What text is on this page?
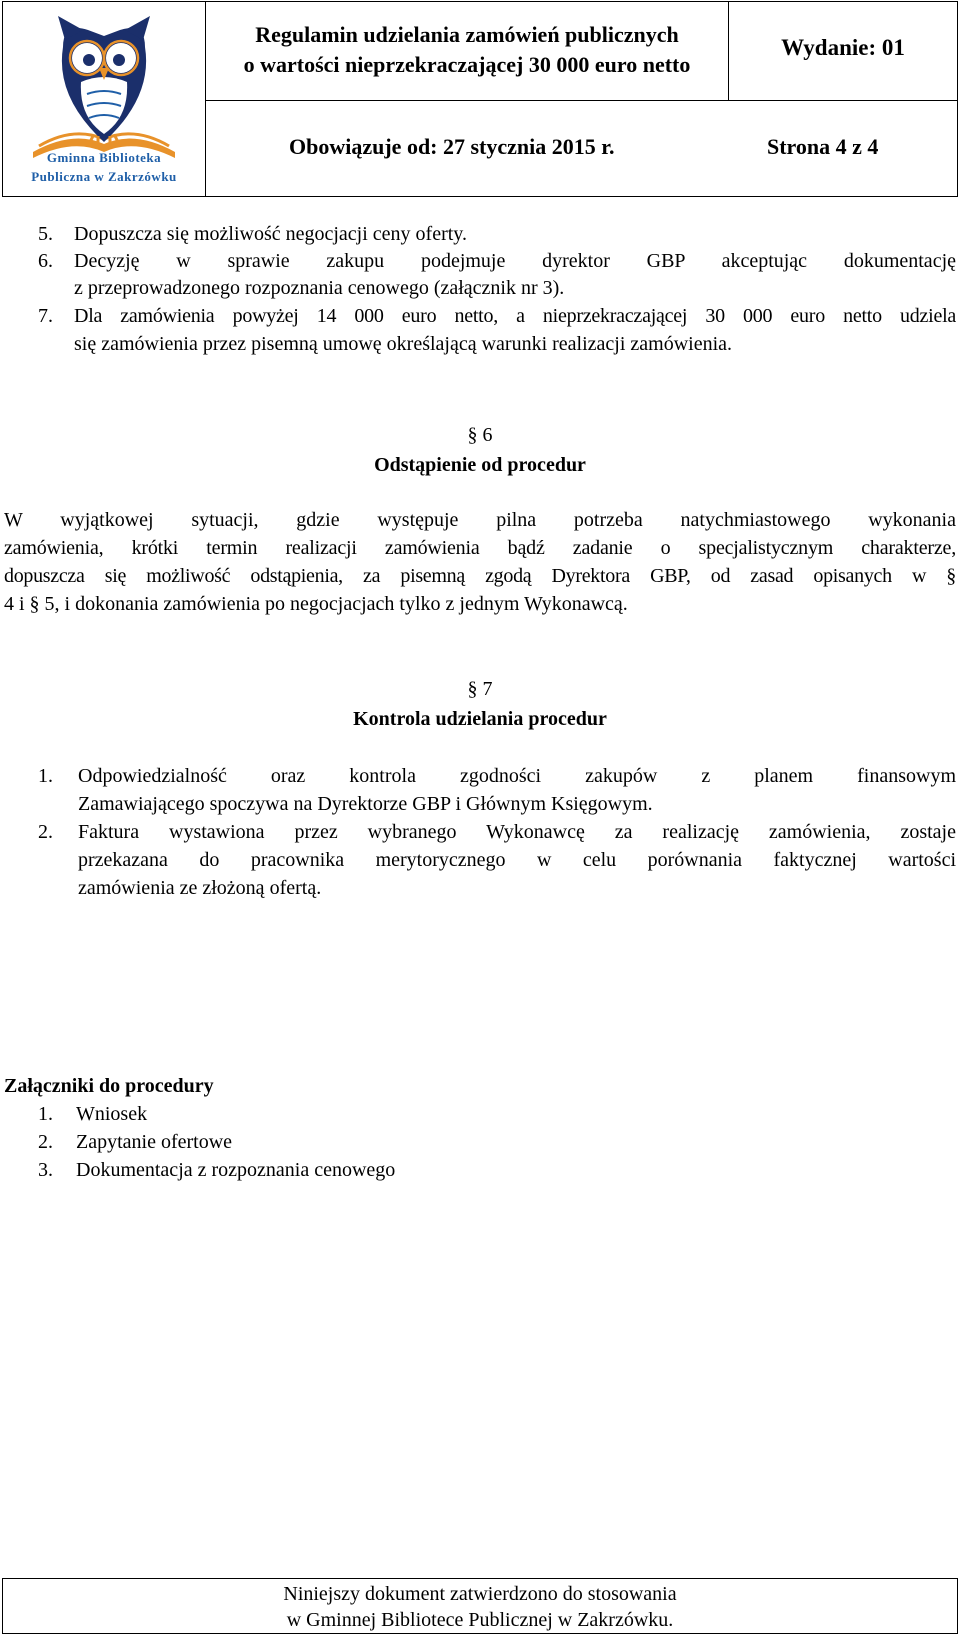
Gminna Biblioteka
Publiczna w Zakrzówku
Regulamin udzielania zamówień publicznych
o wartości nieprzekraczającej 30 000 euro netto
Wydanie: 01
Obowiązuje od: 27 stycznia 2015 r.	Strona 4 z 4
5. Dopuszcza się możliwość negocjacji ceny oferty.
6. Decyzję w sprawie zakupu podejmuje dyrektor GBP akceptując dokumentację
z przeprowadzonego rozpoznania cenowego (załącznik nr 3).
7. Dla zamówienia powyżej 14 000 euro netto, a nieprzekraczającej 30 000 euro netto udziela
się zamówienia przez pisemną umowę określającą warunki realizacji zamówienia.
§ 6
Odstąpienie od procedur
W wyjątkowej sytuacji, gdzie występuje pilna potrzeba natychmiastowego wykonania
zamówienia, krótki termin realizacji zamówienia bądź zadanie o specjalistycznym charakterze,
dopuszcza się możliwość odstąpienia, za pisemną zgodą Dyrektora GBP, od zasad opisanych w §
4 i § 5, i dokonania zamówienia po negocjacjach tylko z jednym Wykonawcą.
§ 7
Kontrola udzielania procedur
1. Odpowiedzialność oraz kontrola zgodności zakupów z planem finansowym
Zamawiającego spoczywa na Dyrektorze GBP i Głównym Księgowym.
2. Faktura wystawiona przez wybranego Wykonawcę za realizację zamówienia, zostaje
przekazana do pracownika merytorycznego w celu porównania faktycznej wartości
zamówienia ze złożoną ofertą.
Załączniki do procedury
1. Wniosek
2. Zapytanie ofertowe
3. Dokumentacja z rozpoznania cenowego
Niniejszy dokument zatwierdzono do stosowania
w Gminnej Bibliotece Publicznej w Zakrzówku.
